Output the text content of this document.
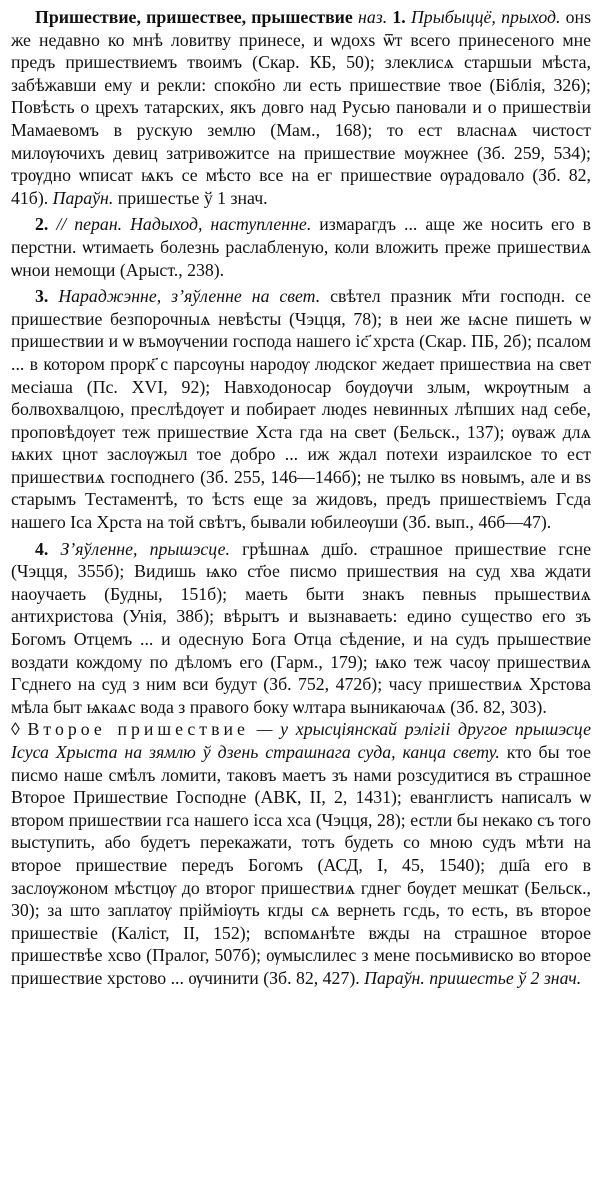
Пришествие, пришествее, прышествие наз. 1. Прыбыццё, прыход. онѕ же недавно ко мнѣ ловитву принесе, и ѡдохѕ ѿт всего принесеного мне предъ пришествиемъ твоимъ (Скар. КБ, 50); злеклисѧ старшыи мѣста, забѣжавши ему и рекли: споко҃но ли есть пришествие твое (Біблія, 326); Повѣсть о црехъ татарских, якъ довго над Русью пановали и о пришествіи Мамаевомъ в рускую землю (Мам., 168); то ест власнаѧ чистост милѹючихъ девиц затривожитсе на пришествие мѹжнее (Зб. 259, 534); трѹдно ѡписат ѩкъ се мѣсто все на ег пришествие ѹрадовало (Зб. 82, 41б). Параўн. пришестье ў 1 знач.

2. // перан. Надыход, наступленне. измарагдъ ... аще же носить его в перстни. ѡтимаеть болезнь раслабленую, коли вложить преже пришествиѧ ѡнои немощи (Арыст., 238).

3. Нараджэнне, з’яўленне на свет. свѣтел празник м҃ти господн. се пришествие безпорочныѧ невѣсты (Чэцця, 78); в неи же ѩсне пишеть ѡ пришествии и ѡ въмѹчении господа нашего іс҃ хрста (Скар. ПБ, 2б); псалом ... в котором прорк҃ с парсѹны народѹ людског жедает пришествиа на свет месіаша (Пс. XVI, 92); Навходоносар бѹдѹчи злым, ѡкрѹтным а болвохвалцою, преслѣдѹет и побирает людеѕ невинных лѣпших над себе, проповѣдѹет теж пришествие Хста гда на свет (Бельск., 137); ѹваж длѧ ѩких цнот заслѹжыл тое добро ... иж ждал потехи израилское то ест пришествиѧ господнего (Зб. 255, 146—146б); не тылко вѕ новымъ, але и вѕ старымъ Тестаментѣ, то ѣстѕ еще за жидовъ, предъ пришествіемъ Гсда нашего Іса Хрста на той свѣтъ, бывали юбилеѹши (Зб. вып., 46б—47).

4. З’яўленне, прышэсце. грѣшнаѧ дш҃о. страшное пришествие гсне (Чэцця, 355б); Видишь ѩко ст҃ое писмо пришествия на суд хва ждати наоучаеть (Будны, 151б); маеть быти знакъ певныѕ прышествиѧ антихристова (Унія, 38б); вѣрытъ и вызнаваеть: едино существо его зъ Богомъ Отцемъ ... и одесную Бога Отца сѣдение, и на судъ прышествие воздати кождому по дѣломъ его (Гарм., 179); ѩко теж часѹ пришествиѧ Гсднего на суд з ним вси будут (Зб. 752, 472б); часу пришествиѧ Хрстова мѣла быт ѩкаѧс вода з правого боку ѡлтара выникаючаѧ (Зб. 82, 303).

◊ Второе пришествие — у хрысціянскай рэлігіі другое прышэсце Ісуса Хрыста на зямлю ў дзень страшнага суда, канца свету. кто бы тое писмо наше смѣлъ ломити, таковъ маетъ зъ нами розсудитися въ страшное Второе Пришествие Господне (АВК, II, 2, 1431); еванглистъ написалъ ѡ втором пришествии гса нашего ісса хса (Чэцця, 28); естли бы некако съ того выступить, або будетъ перекажати, тотъ будеть со мною судъ мѣти на второе пришествие передъ Богомъ (АСД, I, 45, 1540); дш҃а его в заслѹжоном мѣстцѹ до второг пришествиѧ гднег бѹдет мешкат (Бельск., 30); за што заплатѹ прійміѹть кгды сѧ вернеть гсдь, то есть, въ второе пришествіе (Каліст, II, 152); вспомѧнѣте вжды на страшное второе пришествѣе хсво (Пралог, 507б); ѹмыслилес з мене посьмивиско во второе пришествие хрстово ... ѹчинити (Зб. 82, 427). Параўн. пришестье ў 2 знач.
